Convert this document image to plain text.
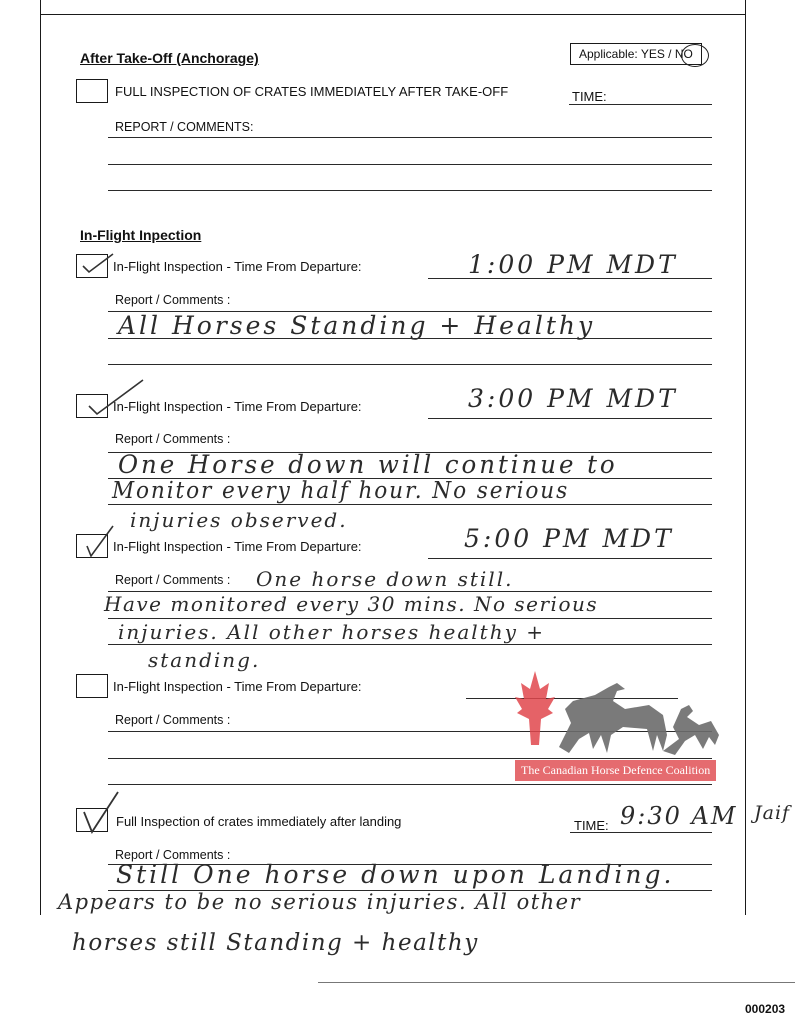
After Take-Off (Anchorage)	Applicable: YES / NO
FULL INSPECTION OF CRATES IMMEDIATELY AFTER TAKE-OFF	TIME:
REPORT / COMMENTS:
In-Flight Inpection
In-Flight Inspection - Time From Departure:	1:00 PM MDT
Report / Comments :
All Horses Standing + Healthy
In-Flight Inspection - Time From Departure:	3:00 PM MDT
Report / Comments :
One Horse down will continue to
Monitor every half hour. No serious
injuries observed.
In-Flight Inspection - Time From Departure:	5:00 PM MDT
Report / Comments : One horse down still.
Have monitored every 30 mins. No serious
injuries. All other horses healthy +
standing.
In-Flight Inspection - Time From Departure:
Report / Comments :
The Canadian Horse Defence Coalition
Full Inspection of crates immediately after landing	TIME: 9:30 AM Jaif
Report / Comments :
Still One horse down upon Landing.
Appears to be no serious injuries. All other
horses still Standing + healthy
000203
